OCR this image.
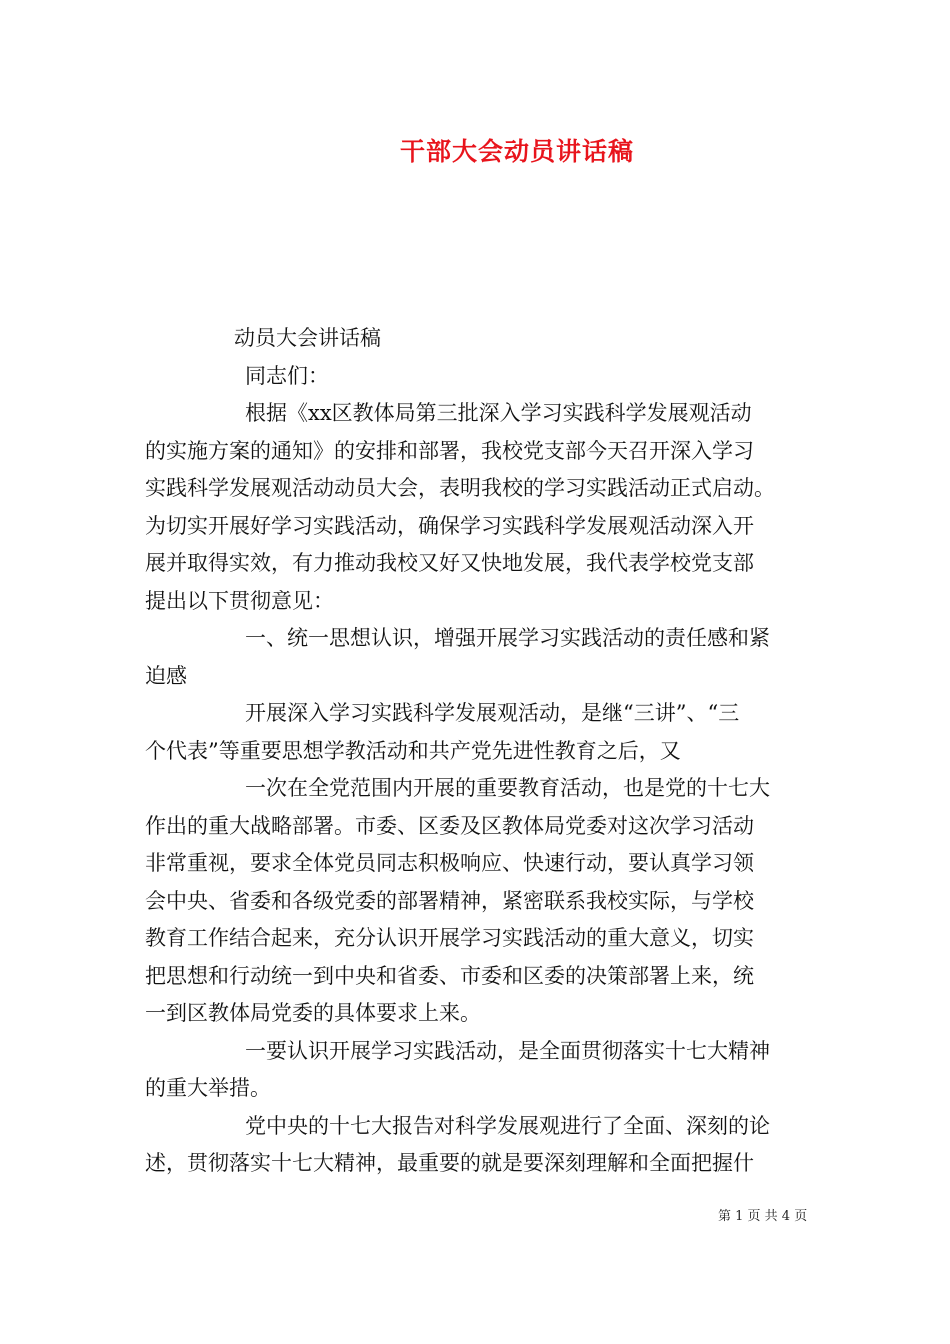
干部大会动员讲话稿
动员大会讲话稿
同志们：
根据《xx区教体局第三批深入学习实践科学发展观活动
的实施方案的通知》的安排和部署，我校党支部今天召开深入学习
实践科学发展观活动动员大会，表明我校的学习实践活动正式启动。
为切实开展好学习实践活动，确保学习实践科学发展观活动深入开
展并取得实效，有力推动我校又好又快地发展，我代表学校党支部
提出以下贯彻意见：
一、统一思想认识，增强开展学习实践活动的责任感和紧
迫感
开展深入学习实践科学发展观活动，是继“三讲”、“三
个代表”等重要思想学教活动和共产党先进性教育之后，又
一次在全党范围内开展的重要教育活动，也是党的十七大
作出的重大战略部署。市委、区委及区教体局党委对这次学习活动
非常重视，要求全体党员同志积极响应、快速行动，要认真学习领
会中央、省委和各级党委的部署精神，紧密联系我校实际，与学校
教育工作结合起来，充分认识开展学习实践活动的重大意义，切实
把思想和行动统一到中央和省委、市委和区委的决策部署上来，统
一到区教体局党委的具体要求上来。
一要认识开展学习实践活动，是全面贯彻落实十七大精神
的重大举措。
党中央的十七大报告对科学发展观进行了全面、深刻的论
述，贯彻落实十七大精神，最重要的就是要深刻理解和全面把握什
第 1 页 共 4 页
